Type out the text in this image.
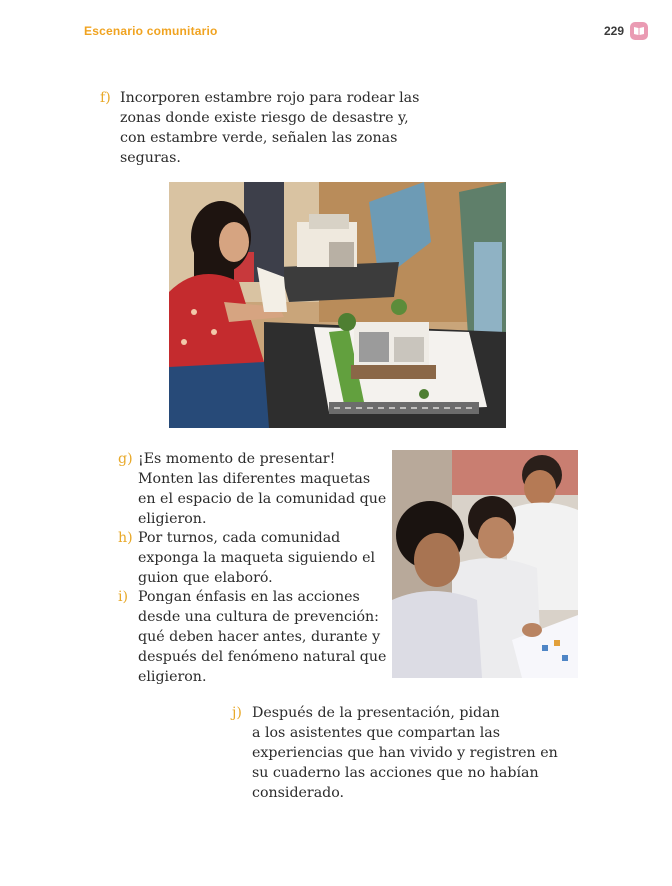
Escenario comunitario	229
f) Incorporen estambre rojo para rodear las
zonas donde existe riesgo de desastre y,
con estambre verde, señalen las zonas
seguras.
g) ¡Es momento de presentar!
Monten las diferentes maquetas
en el espacio de la comunidad que
eligieron.
h) Por turnos, cada comunidad
exponga la maqueta siguiendo el
guion que elaboró.
i) Pongan énfasis en las acciones
desde una cultura de prevención:
qué deben hacer antes, durante y
después del fenómeno natural que
eligieron.
j) Después de la presentación, pidan
a los asistentes que compartan las
experiencias que han vivido y registren en
su cuaderno las acciones que no habían
considerado.
